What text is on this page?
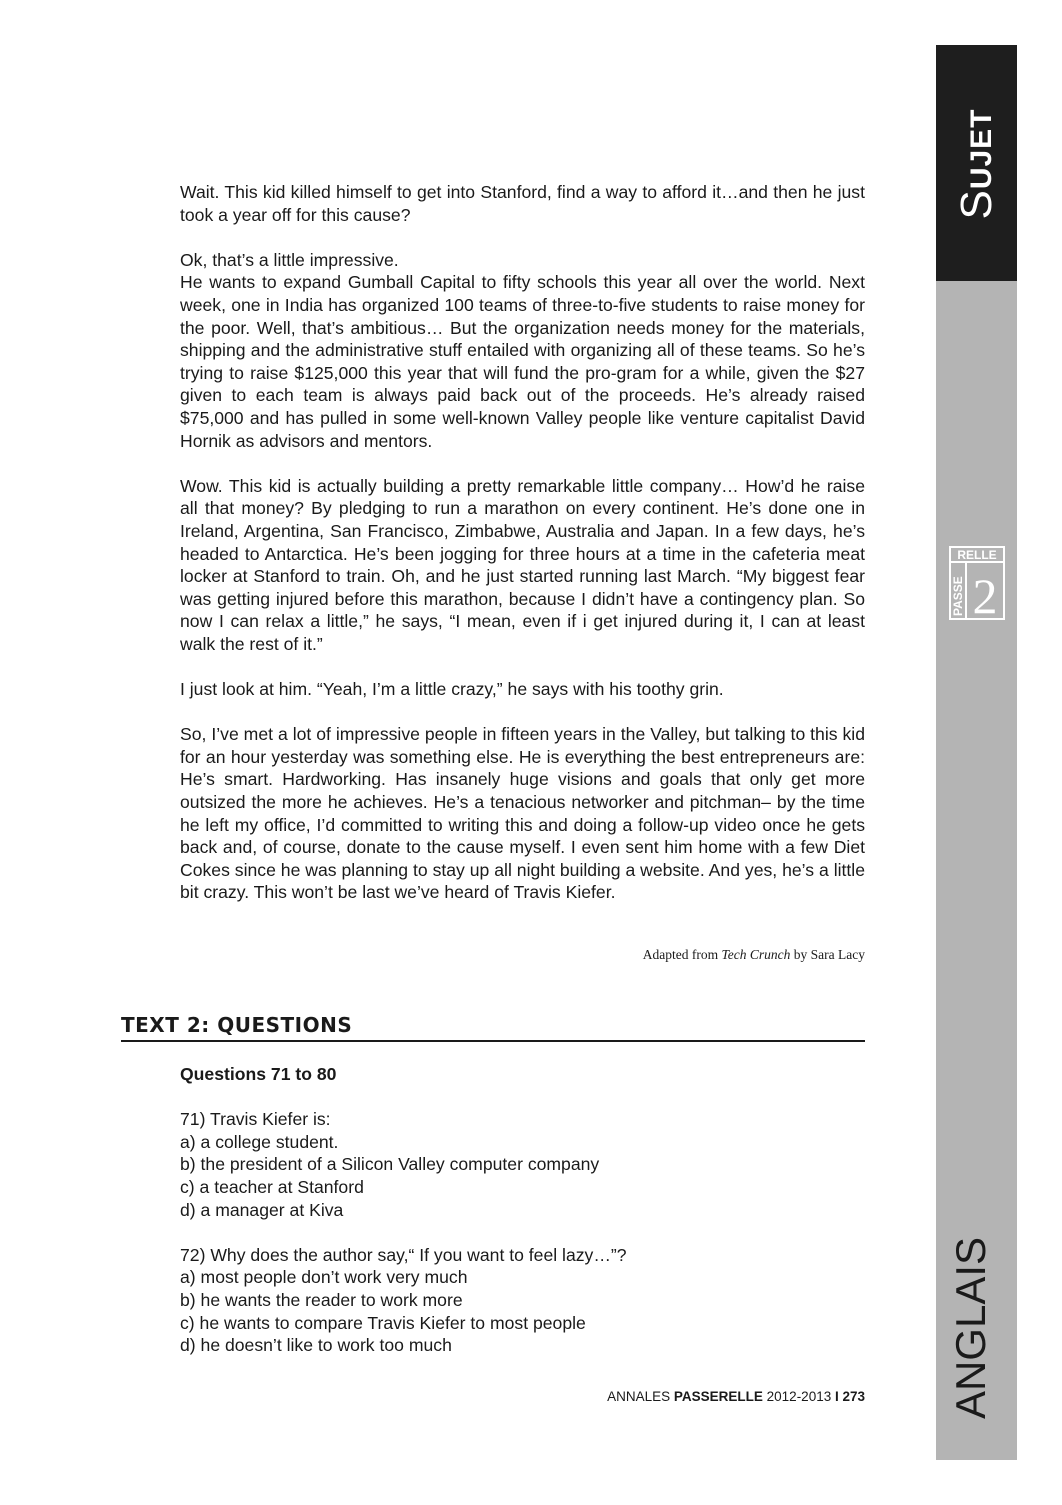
SUJET
RELLE
PASSE 2
ANGLAIS

Wait. This kid killed himself to get into Stanford, find a way to afford it…and then he just took a year off for this cause?

Ok, that’s a little impressive.

He wants to expand Gumball Capital to fifty schools this year all over the world. Next week, one in India has organized 100 teams of three-to-five students to raise money for the poor. Well, that’s ambitious… But the organization needs money for the materials, shipping and the administrative stuff entailed with organizing all of these teams. So he’s trying to raise $125,000 this year that will fund the pro-gram for a while, given the $27 given to each team is always paid back out of the proceeds. He’s already raised $75,000 and has pulled in some well-known Valley people like venture capitalist David Hornik as advisors and mentors.

Wow. This kid is actually building a pretty remarkable little company… How’d he raise all that money? By pledging to run a marathon on every continent. He’s done one in Ireland, Argentina, San Francisco, Zimbabwe, Australia and Japan. In a few days, he’s headed to Antarctica. He’s been jogging for three hours at a time in the cafeteria meat locker at Stanford to train. Oh, and he just started running last March. “My biggest fear was getting injured before this marathon, because I didn’t have a contingency plan. So now I can relax a little,” he says, “I mean, even if i get injured during it, I can at least walk the rest of it.”

I just look at him. “Yeah, I’m a little crazy,” he says with his toothy grin.

So, I’ve met a lot of impressive people in fifteen years in the Valley, but talking to this kid for an hour yesterday was something else. He is everything the best entrepreneurs are: He’s smart. Hardworking. Has insanely huge visions and goals that only get more outsized the more he achieves. He’s a tenacious networker and pitchman– by the time he left my office, I’d committed to writing this and doing a follow-up video once he gets back and, of course, donate to the cause myself. I even sent him home with a few Diet Cokes since he was planning to stay up all night building a website. And yes, he’s a little bit crazy. This won’t be last we’ve heard of Travis Kiefer.

Adapted from Tech Crunch by Sara Lacy
TEXT 2: QUESTIONS
Questions 71 to 80
71) Travis Kiefer is:
a) a college student.
b) the president of a Silicon Valley computer company
c) a teacher at Stanford
d) a manager at Kiva
72) Why does the author say,“ If you want to feel lazy…”?
a) most people don’t work very much
b) he wants the reader to work more
c) he wants to compare Travis Kiefer to most people
d) he doesn’t like to work too much
ANNALES PASSERELLE 2012-2013 I 273
